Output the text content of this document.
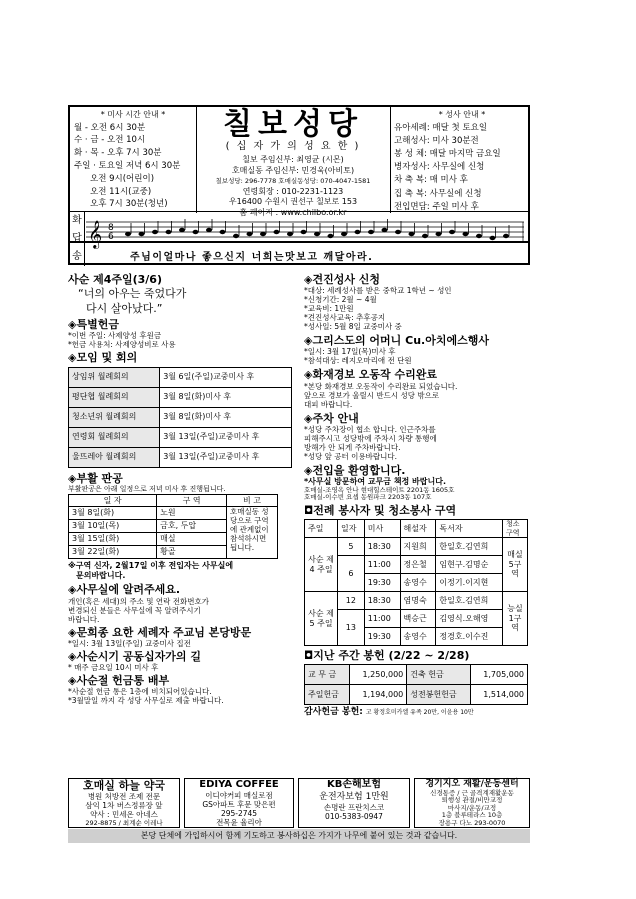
* 미사 시간 안내 *
월 - 오전 6시 30분
수 · 금 - 오전 10시
화 · 목 - 오후 7시 30분
주일 · 토요일 저녁 6시 30분
오전 9시(어린이)
오전 11시(교중)
오후 7시 30분(청년)
칠보성당
( 십 자 가 의 성 요 한 )
칠보 주임신부: 최영균 (시몬)
호매실동 주임신부: 민경욱(아비토)
칠보성당: 296-7778 호매실동성당: 070-4047-1581
연령회장 : 010-2231-1123
우16400 수원시 권선구 칠보로 153
홈 페이지 : www.chilbo.or.kr
* 성사 안내 *
유아세례: 매달 첫 토요일
고해성사: 미사 30분전
봉 성 체: 매달 마지막 금요일
병자성사: 사무실에 신청
차 축 복: 매 미사 후
집 축 복: 사무실에 신청
전입면담: 주일 미사 후
화
답
송
𝄞 6
8
주님이얼마나 좋으신지 너희는맛보고 깨달아라.
사순 제4주일(3/6)
“너의 아우는 죽었다가
다시 살아났다.”
◈특별헌금
*이번 주일: 사제양성 후원금
*헌금 사용처: 사제양성비로 사용
◈모임 및 회의
상임위 월례회의	3월 6일(주일)교중미사 후
평단협 월례회의	3월 8일(화)미사 후
청소년위 월례회의	3월 8일(화)미사 후
연령회 월례회의	3월 13일(주일)교중미사 후
울뜨레아 월례회의	3월 13일(주일)교중미사 후
◈부활 판공
부활판공은 아래 일정으로 저녁 미사 후 진행됩니다.
일 자	구 역	비 고
3월 8일(화)	노원	호매실동 성당으로 구역에 관계없이 참석하시면 됩니다.
3월 10일(목)	금호, 두압	
3월 15일(화)	매실	
3월 22일(화)	황골	
※구역 신자, 2월17일 이후 전입자는 사무실에
문의바랍니다.
◈사무실에 알려주세요.
개인(혹은 세대)의 주소 및 연락 전화번호가
변경되신 분들은 사무실에 꼭 알려주시기
바랍니다.
◈문희종 요한 세례자 주교님 본당방문
*일시: 3월 13일(주일) 교중미사 집전
◈사순시기 공동십자가의 길
* 매주 금요일 10시 미사 후
◈사순절 헌금통 배부
*사순절 헌금 통은 1층에 비치되어있습니다.
*3월말일 까지 각 성당 사무실로 제출 바랍니다.
◈견진성사 신청
*대상: 세례성사를 받은 중학교 1학년 ~ 성인
*신청기간: 2월 ~ 4월
*교육비: 1만원
*견진성사교육: 추후공지
*성사일: 5월 8일 교중미사 중
◈그리스도의 어머니 Cu.아치에스행사
*일시: 3월 17일(목)미사 후
*참석대상: 레지오마리애 전 단원
◈화재경보 오동작 수리완료
*본당 화재경보 오동작이 수리완료 되었습니다.
앞으로 경보가 울릴시 반드시 성당 밖으로
대피 바랍니다.
◈주차 안내
*성당 주차장이 협소 합니다. 인근주차를
피해주시고 성당밖에 주차시 차량 통행에
방해가 안 되게 주차바랍니다.
*성당 앞 공터 이용바랍니다.
◈전입을 환영합니다.
*사무실 방문하여 교무금 책정 바랍니다.
호매실-조영옥 안나 현대힐스테이트 2201동 1605호
호매실-이수빈 요셉 동원파크 2203동 107호
◘전례 봉사자 및 청소봉사 구역
주일	일자	미사	해설자	독서자	청소구역
사순 제4 주일	5	18:30	지원희	한일호.김연희	매실
5구역

	6	11:00	정은철	임현구.김명순	
		19:30	송영수	이정기.이지현	
사순 제5 주일	12	18:30	염명숙	한일호.김연희	능실
1구역

	13	11:00	백승근	김영식.오해영	
		19:30	송영수	정경호.이수진	
◘지난 주간 봉헌 (2/22 ~ 2/28)
교 무 금	1,250,000	건축 헌금	1,705,000
주일헌금	1,194,000	성전봉헌헌금	1,514,000
감사헌금 봉헌: 고 황정호미카엘 유족 20만, 이윤용 10만
호매실 하늘 약국
병원 처방전 조제 전문
삼익 1차 버스정류장 앞
약사 : 민세온 아네스
292-8875 / 최계순 이레나
EDIYA COFFEE
이디야커피 매실로점
GS아파트 후문 맞은편
295-2745
전목윤 율리아
KB손해보험
운전자보험 1만원
손명란 프란치스코
010-5383-0947
경기지오 재활/운동센터
신경통증 / 근 골격계재활운동
퇴행성 관절/비만교정
마사지/운동/교정
1층 블루테라스 10층
장용구 다노 293-0070
본당 단체에 가입하시어 함께 기도하고 봉사하십은 가지가 나무에 붙어 있는 것과 같습니다.
